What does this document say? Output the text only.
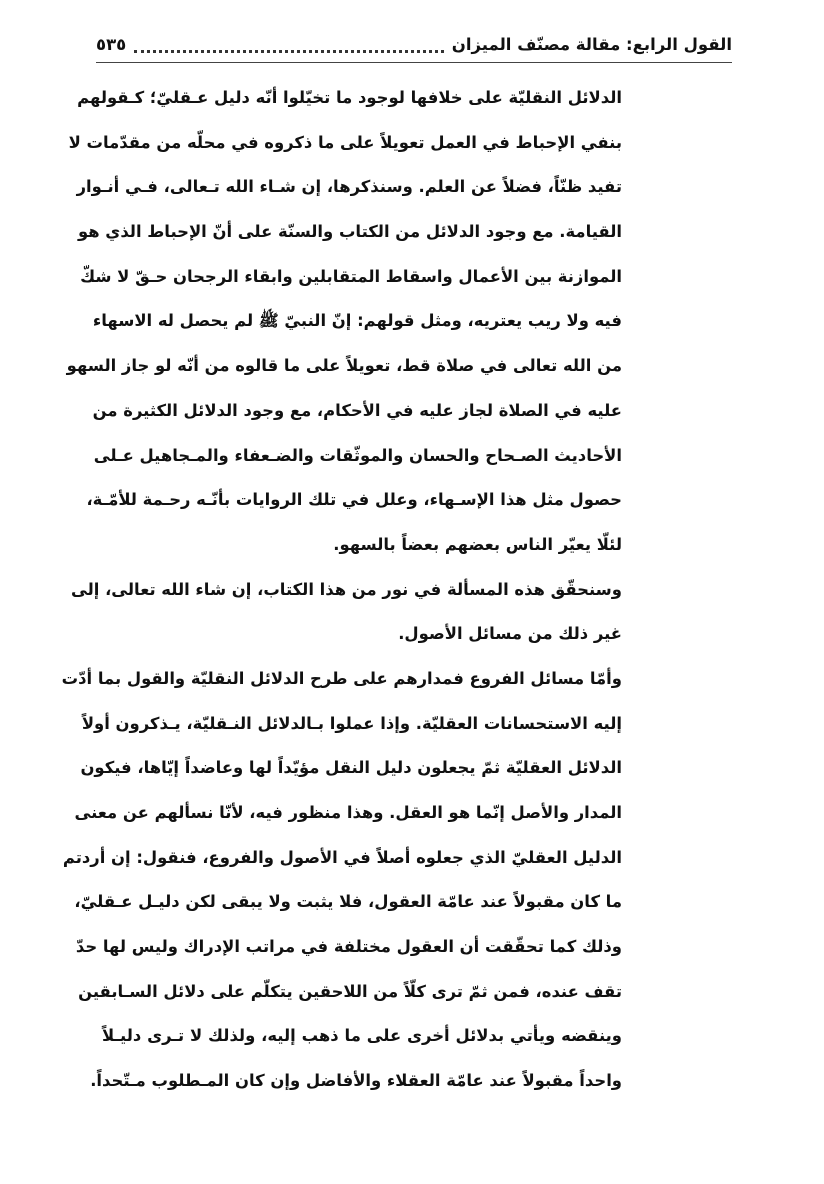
القول الرابع: مقالة مصنّف الميزان
٥٣٥
الدلائل النقليّة على خلافها لوجود ما تخيّلوا أنّه دليل عـقليّ؛ كـقولهم
بنفي الإحباط في العمل تعويلاً على ما ذكروه في محلّه من مقدّمات لا
تفيد ظنّاً، فضلاً عن العلم. وسنذكرها، إن شـاء الله تـعالى، فـي أنـوار
القيامة. مع وجود الدلائل من الكتاب والسنّة على أنّ الإحباط الذي هو
الموازنة بين الأعمال واسقاط المتقابلين وابقاء الرجحان حـقّ لا شكّ
فيه ولا ريب يعتريه، ومثل قولهم: إنّ النبيّ ﷺ لم يحصل له الاسهاء
من الله تعالى في صلاة قط، تعويلاً على ما قالوه من أنّه لو جاز السهو
عليه في الصلاة لجاز عليه في الأحكام، مع وجود الدلائل الكثيرة من
الأحاديث الصـحاح والحسان والموثّقات والضـعفاء والمـجاهيل عـلى
حصول مثل هذا الإسـهاء، وعلل في تلك الروايات بأنّـه رحـمة للأمّـة،
لئلّا يعيّر الناس بعضهم بعضاً بالسهو.
وسنحقّق هذه المسألة في نور من هذا الكتاب، إن شاء الله تعالى، إلى
غير ذلك من مسائل الأصول.
وأمّا مسائل الفروع فمدارهم على طرح الدلائل النقليّة والقول بما أدّت
إليه الاستحسانات العقليّة. وإذا عملوا بـالدلائل النـقليّة، يـذكرون أولاً
الدلائل العقليّة ثمّ يجعلون دليل النقل مؤيّداً لها وعاضداً إيّاها، فيكون
المدار والأصل إنّما هو العقل. وهذا منظور فيه، لأنّا نسألهم عن معنى
الدليل العقليّ الذي جعلوه أصلاً في الأصول والفروع، فنقول: إن أردتم
ما كان مقبولاً عند عامّة العقول، فلا يثبت ولا يبقى لكن دليـل عـقليّ،
وذلك كما تحقّقت أن العقول مختلفة في مراتب الإدراك وليس لها حدّ
تقف عنده، فمن ثمّ ترى كلّاً من اللاحقين يتكلّم على دلائل السـابقين
وينقضه ويأتي بدلائل أخرى على ما ذهب إليه، ولذلك لا تـرى دليـلاً
واحداً مقبولاً عند عامّة العقلاء والأفاضل وإن كان المـطلوب مـتّحداً.
